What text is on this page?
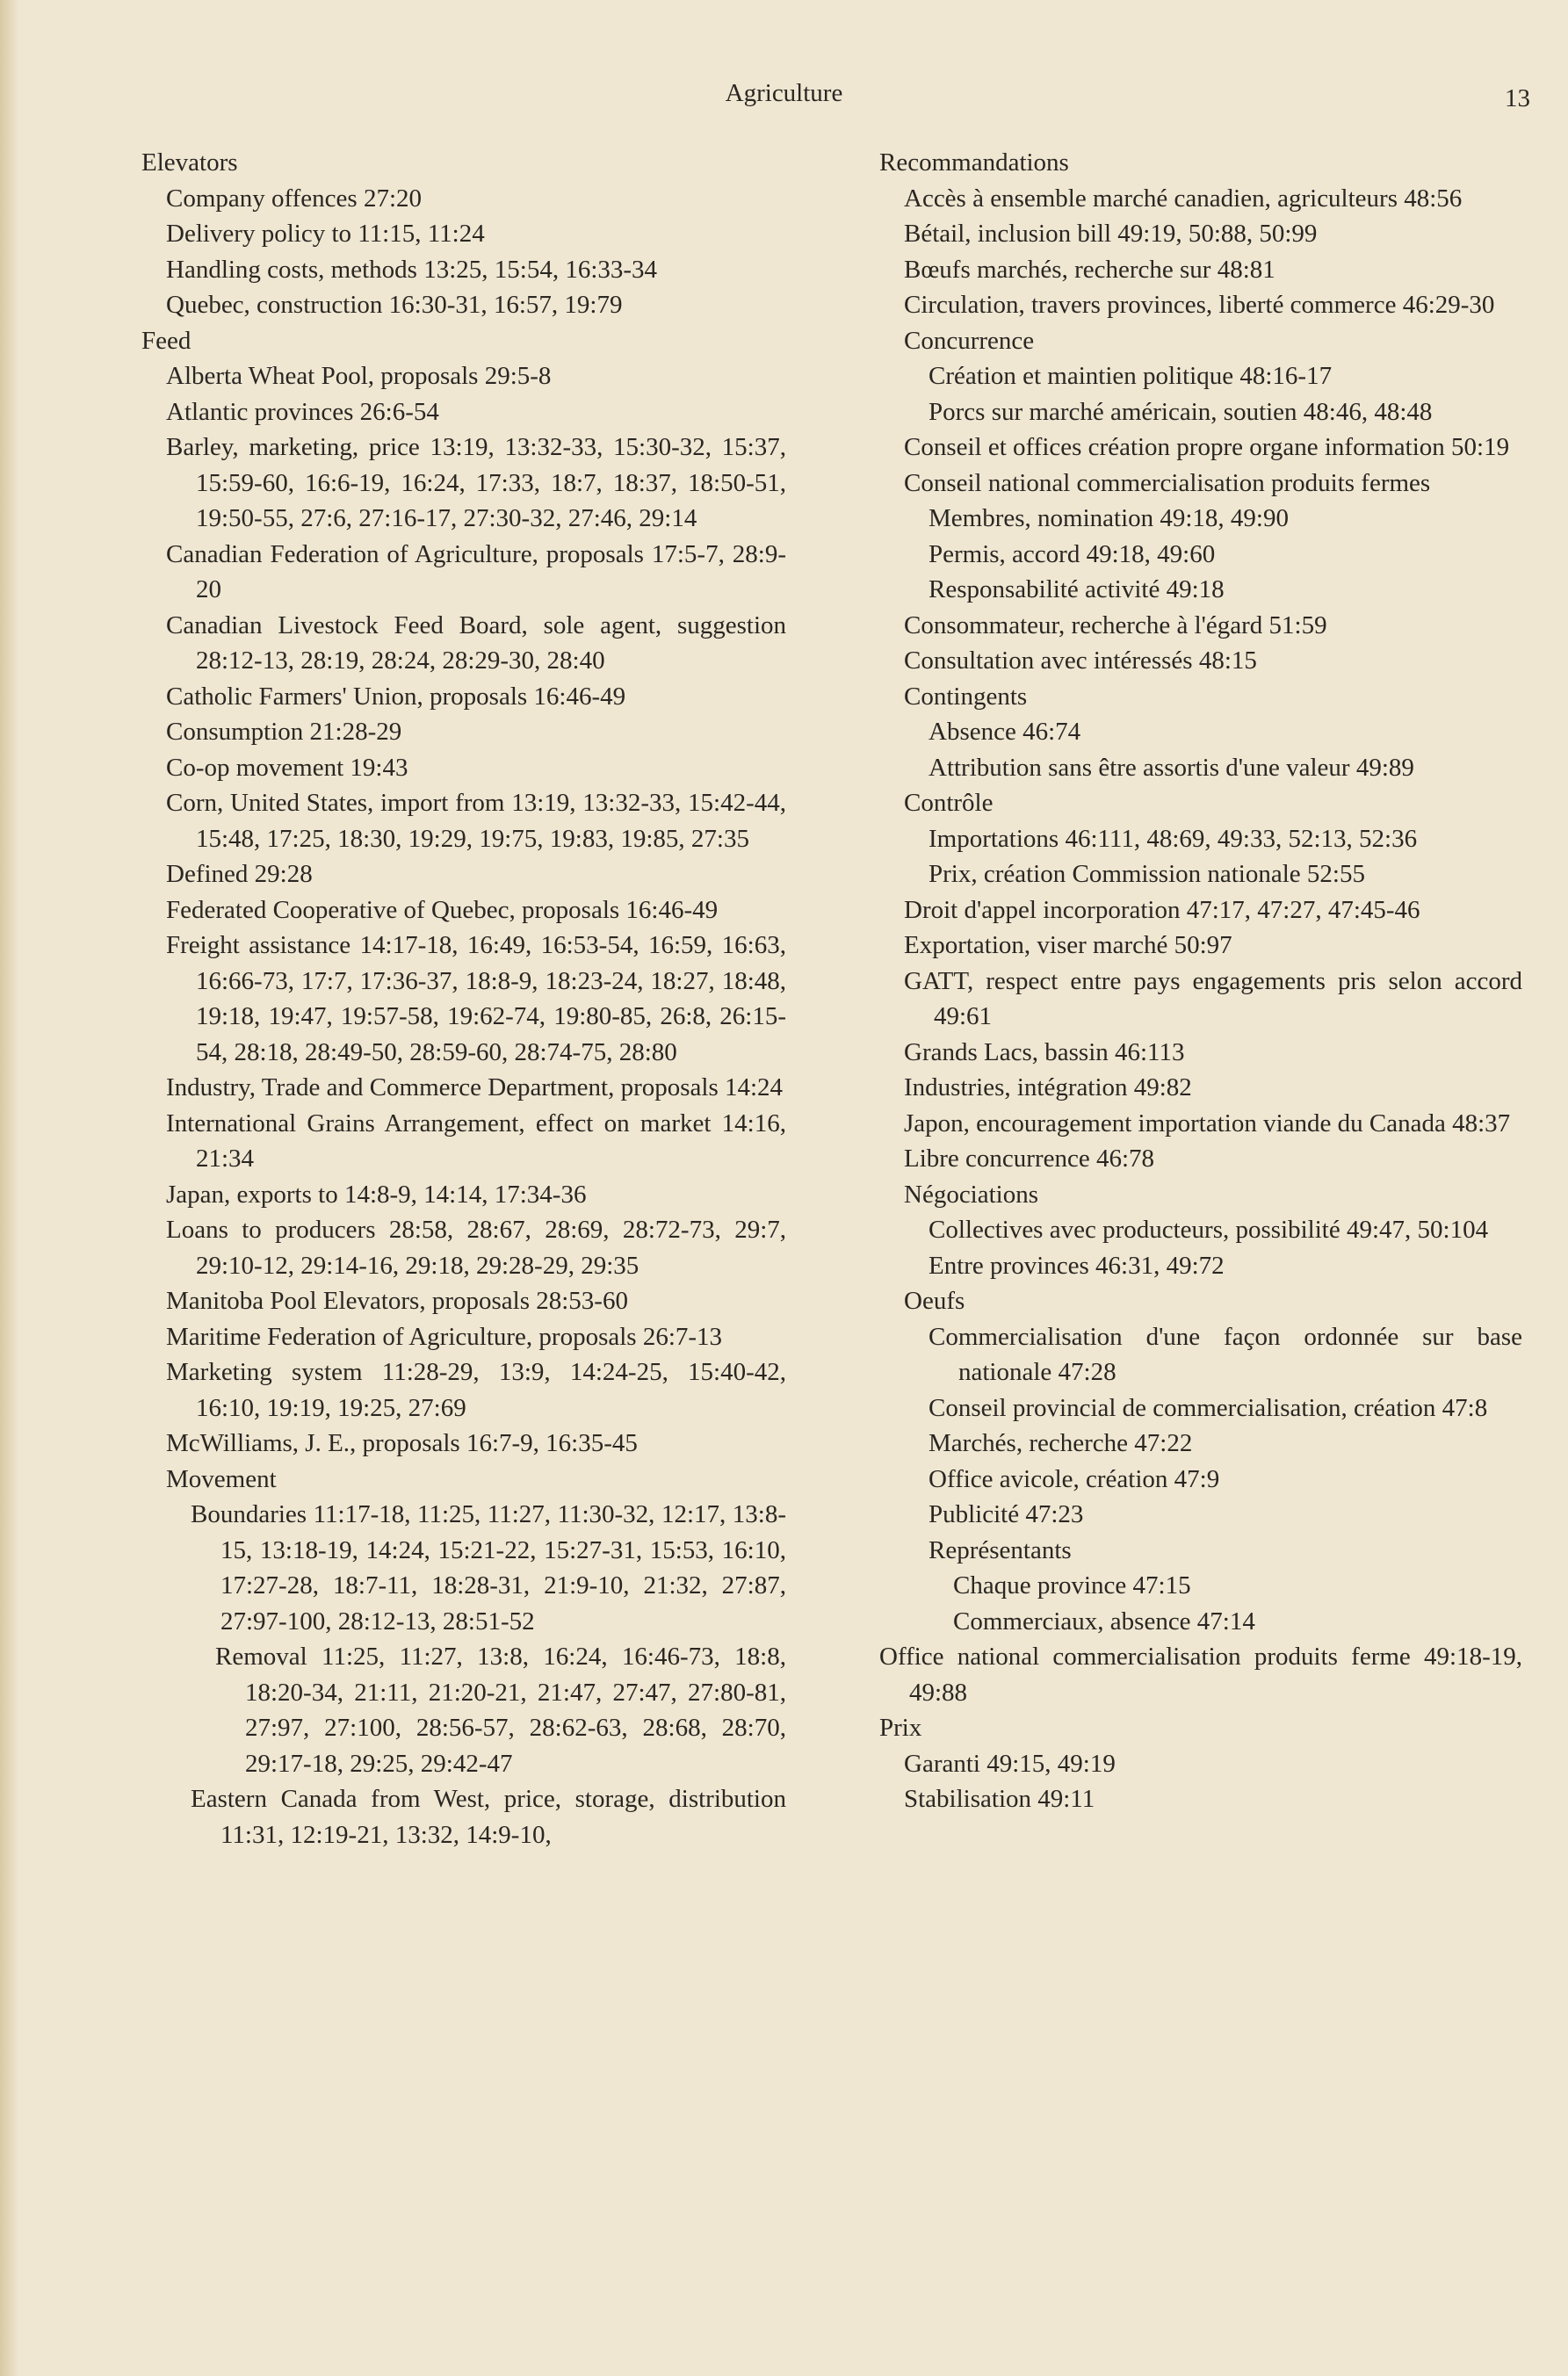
Agriculture	13
Elevators
Company offences 27:20
Delivery policy to 11:15, 11:24
Handling costs, methods 13:25, 15:54, 16:33-34
Quebec, construction 16:30-31, 16:57, 19:79
Feed
Alberta Wheat Pool, proposals 29:5-8
Atlantic provinces 26:6-54
Barley, marketing, price 13:19, 13:32-33, 15:30-32, 15:37, 15:59-60, 16:6-19, 16:24, 17:33, 18:7, 18:37, 18:50-51, 19:50-55, 27:6, 27:16-17, 27:30-32, 27:46, 29:14
Canadian Federation of Agriculture, proposals 17:5-7, 28:9-20
Canadian Livestock Feed Board, sole agent, suggestion 28:12-13, 28:19, 28:24, 28:29-30, 28:40
Catholic Farmers' Union, proposals 16:46-49
Consumption 21:28-29
Co-op movement 19:43
Corn, United States, import from 13:19, 13:32-33, 15:42-44, 15:48, 17:25, 18:30, 19:29, 19:75, 19:83, 19:85, 27:35
Defined 29:28
Federated Cooperative of Quebec, proposals 16:46-49
Freight assistance 14:17-18, 16:49, 16:53-54, 16:59, 16:63, 16:66-73, 17:7, 17:36-37, 18:8-9, 18:23-24, 18:27, 18:48, 19:18, 19:47, 19:57-58, 19:62-74, 19:80-85, 26:8, 26:15-54, 28:18, 28:49-50, 28:59-60, 28:74-75, 28:80
Industry, Trade and Commerce Department, proposals 14:24
International Grains Arrangement, effect on market 14:16, 21:34
Japan, exports to 14:8-9, 14:14, 17:34-36
Loans to producers 28:58, 28:67, 28:69, 28:72-73, 29:7, 29:10-12, 29:14-16, 29:18, 29:28-29, 29:35
Manitoba Pool Elevators, proposals 28:53-60
Maritime Federation of Agriculture, proposals 26:7-13
Marketing system 11:28-29, 13:9, 14:24-25, 15:40-42, 16:10, 19:19, 19:25, 27:69
McWilliams, J. E., proposals 16:7-9, 16:35-45
Movement
Boundaries 11:17-18, 11:25, 11:27, 11:30-32, 12:17, 13:8-15, 13:18-19, 14:24, 15:21-22, 15:27-31, 15:53, 16:10, 17:27-28, 18:7-11, 18:28-31, 21:9-10, 21:32, 27:87, 27:97-100, 28:12-13, 28:51-52
Removal 11:25, 11:27, 13:8, 16:24, 16:46-73, 18:8, 18:20-34, 21:11, 21:20-21, 21:47, 27:47, 27:80-81, 27:97, 27:100, 28:56-57, 28:62-63, 28:68, 28:70, 29:17-18, 29:25, 29:42-47
Eastern Canada from West, price, storage, distribution 11:31, 12:19-21, 13:32, 14:9-10,
Recommandations
Accès à ensemble marché canadien, agriculteurs 48:56
Bétail, inclusion bill 49:19, 50:88, 50:99
Bœufs marchés, recherche sur 48:81
Circulation, travers provinces, liberté commerce 46:29-30
Concurrence
Création et maintien politique 48:16-17
Porcs sur marché américain, soutien 48:46, 48:48
Conseil et offices création propre organe information 50:19
Conseil national commercialisation produits fermes
Membres, nomination 49:18, 49:90
Permis, accord 49:18, 49:60
Responsabilité activité 49:18
Consommateur, recherche à l'égard 51:59
Consultation avec intéressés 48:15
Contingents
Absence 46:74
Attribution sans être assortis d'une valeur 49:89
Contrôle
Importations 46:111, 48:69, 49:33, 52:13, 52:36
Prix, création Commission nationale 52:55
Droit d'appel incorporation 47:17, 47:27, 47:45-46
Exportation, viser marché 50:97
GATT, respect entre pays engagements pris selon accord 49:61
Grands Lacs, bassin 46:113
Industries, intégration 49:82
Japon, encouragement importation viande du Canada 48:37
Libre concurrence 46:78
Négociations
Collectives avec producteurs, possibilité 49:47, 50:104
Entre provinces 46:31, 49:72
Oeufs
Commercialisation d'une façon ordonnée sur base nationale 47:28
Conseil provincial de commercialisation, création 47:8
Marchés, recherche 47:22
Office avicole, création 47:9
Publicité 47:23
Représentants
Chaque province 47:15
Commerciaux, absence 47:14
Office national commercialisation produits ferme 49:18-19, 49:88
Prix
Garanti 49:15, 49:19
Stabilisation 49:11
